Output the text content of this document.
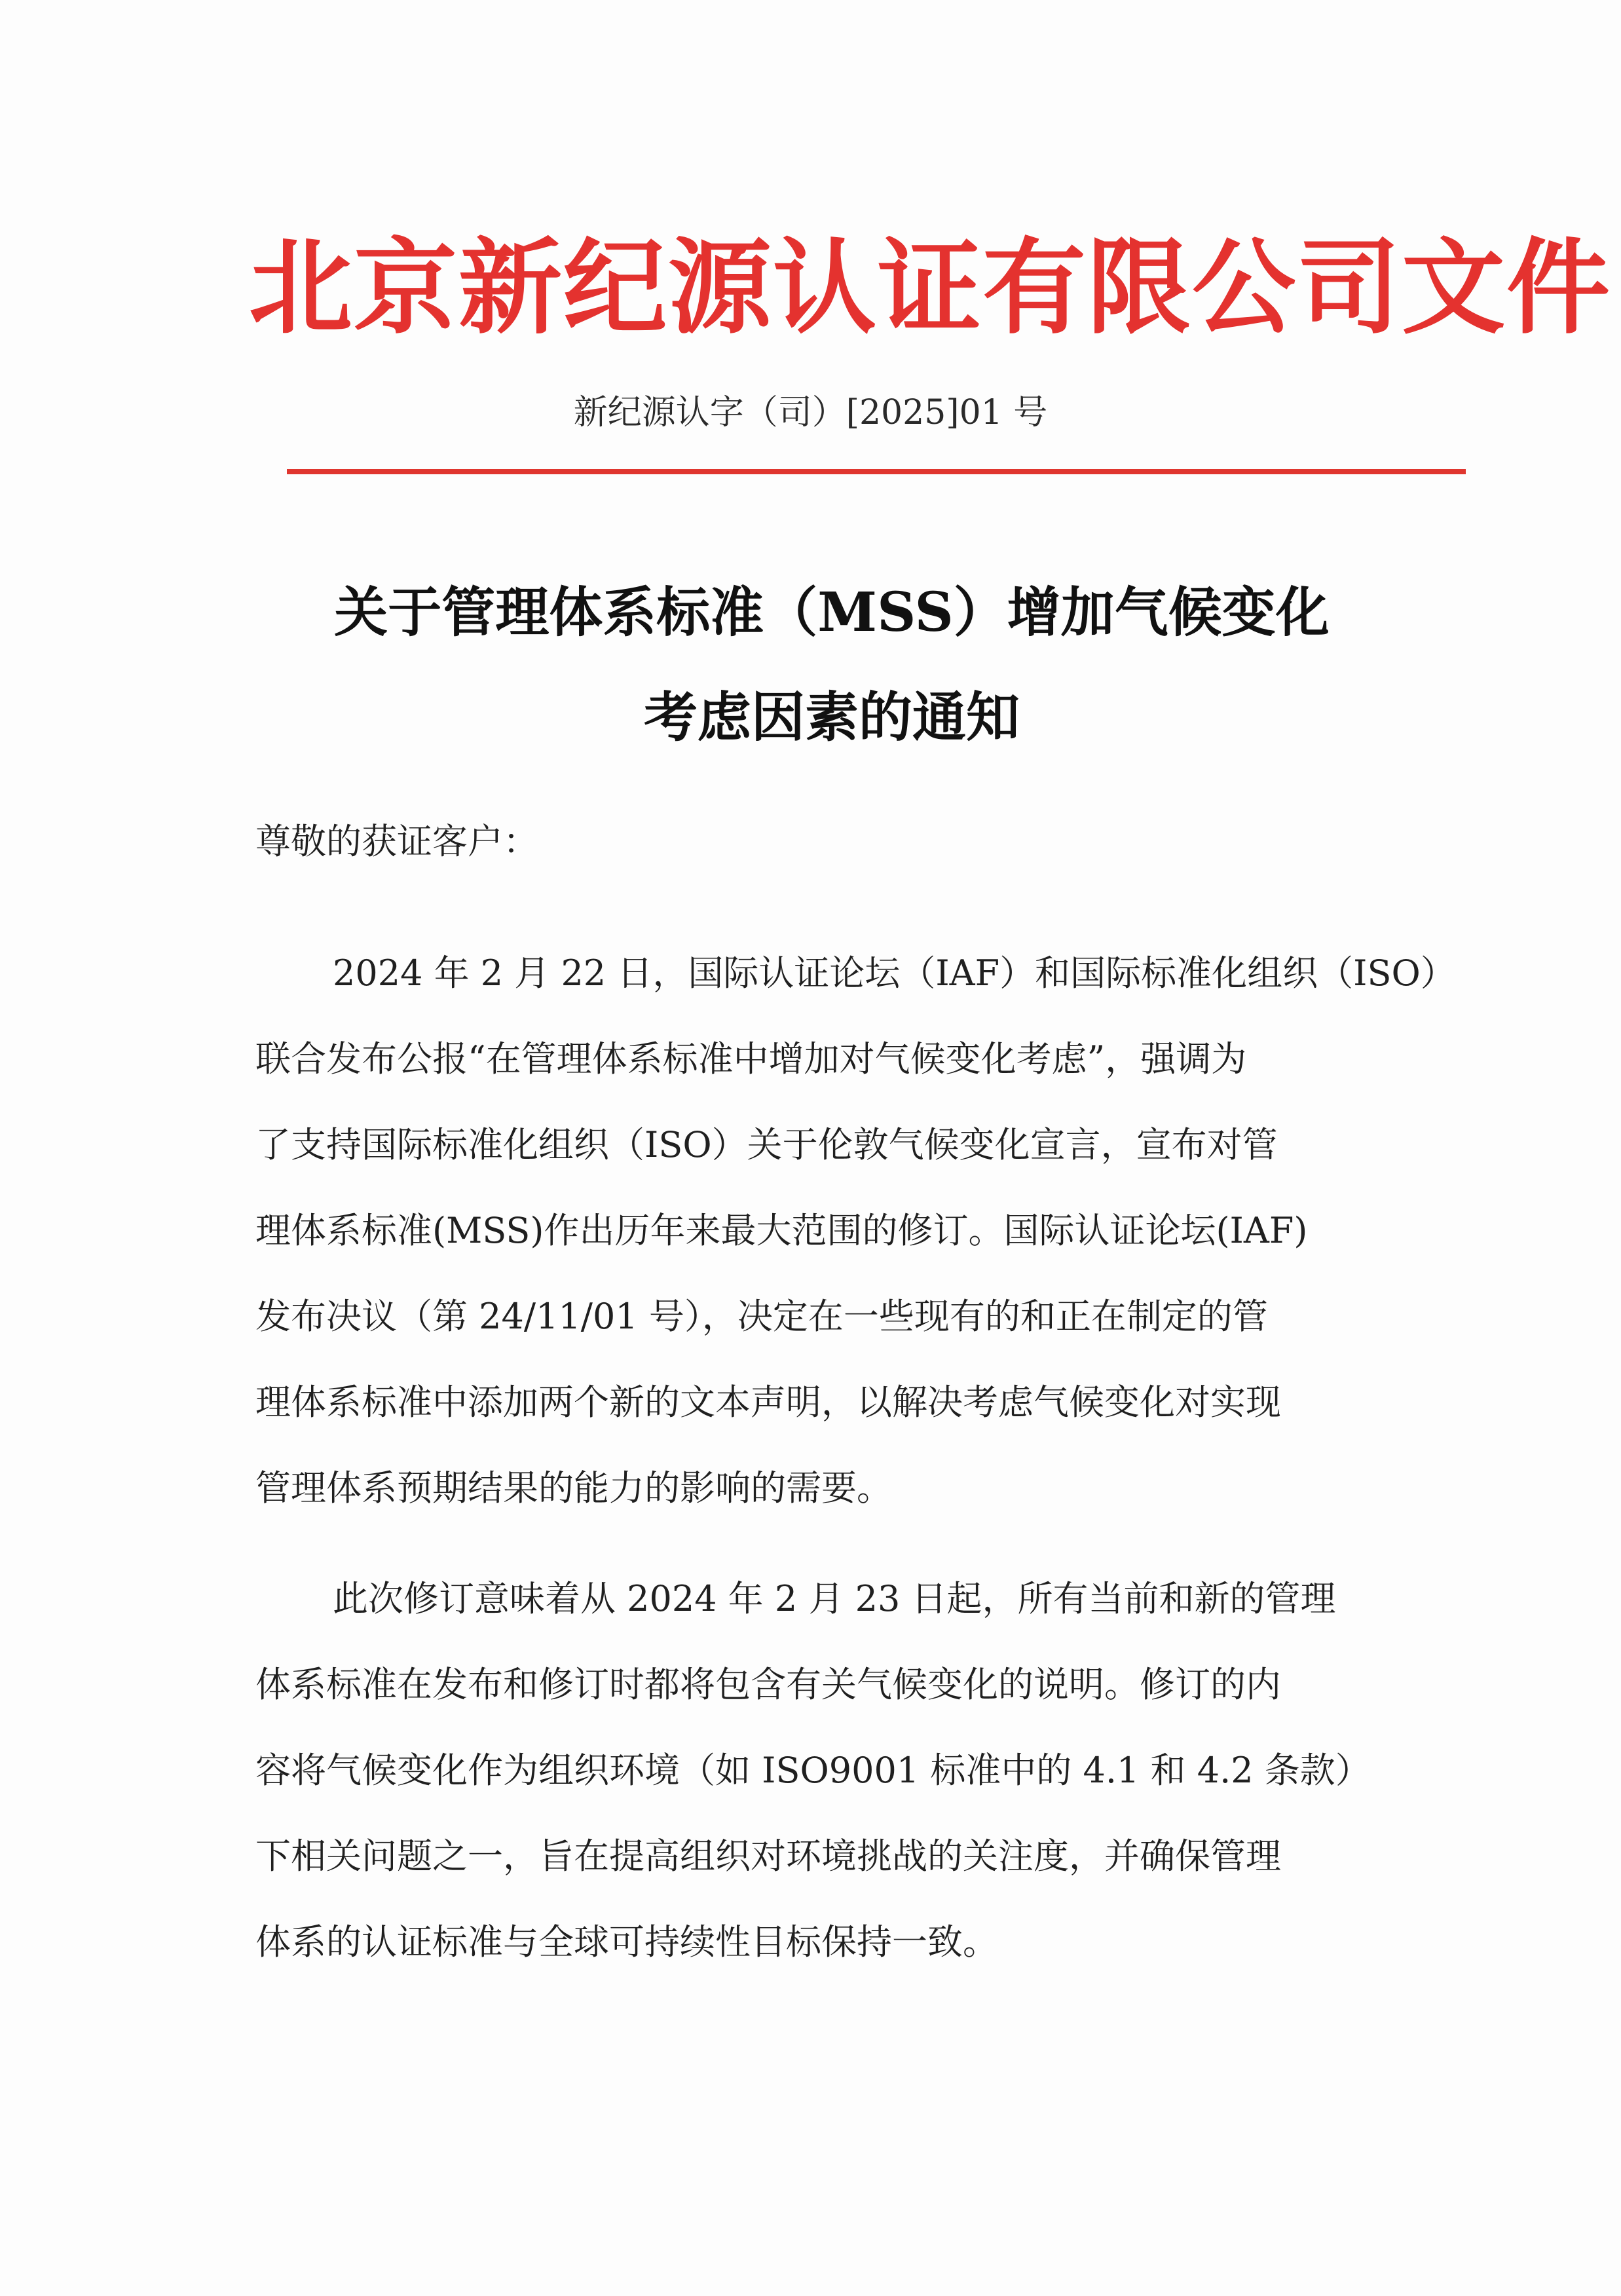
北京新纪源认证有限公司文件
新纪源认字（司）[2025]01 号
关于管理体系标准（MSS）增加气候变化
考虑因素的通知
尊敬的获证客户：
2024 年 2 月 22 日，国际认证论坛（IAF）和国际标准化组织（ISO）
联合发布公报“在管理体系标准中增加对气候变化考虑”，强调为
了支持国际标准化组织（ISO）关于伦敦气候变化宣言，宣布对管
理体系标准(MSS)作出历年来最大范围的修订。国际认证论坛(IAF)
发布决议（第 24/11/01 号），决定在一些现有的和正在制定的管
理体系标准中添加两个新的文本声明，以解决考虑气候变化对实现
管理体系预期结果的能力的影响的需要。
此次修订意味着从 2024 年 2 月 23 日起，所有当前和新的管理
体系标准在发布和修订时都将包含有关气候变化的说明。修订的内
容将气候变化作为组织环境（如 ISO9001 标准中的 4.1 和 4.2 条款）
下相关问题之一，旨在提高组织对环境挑战的关注度，并确保管理
体系的认证标准与全球可持续性目标保持一致。
